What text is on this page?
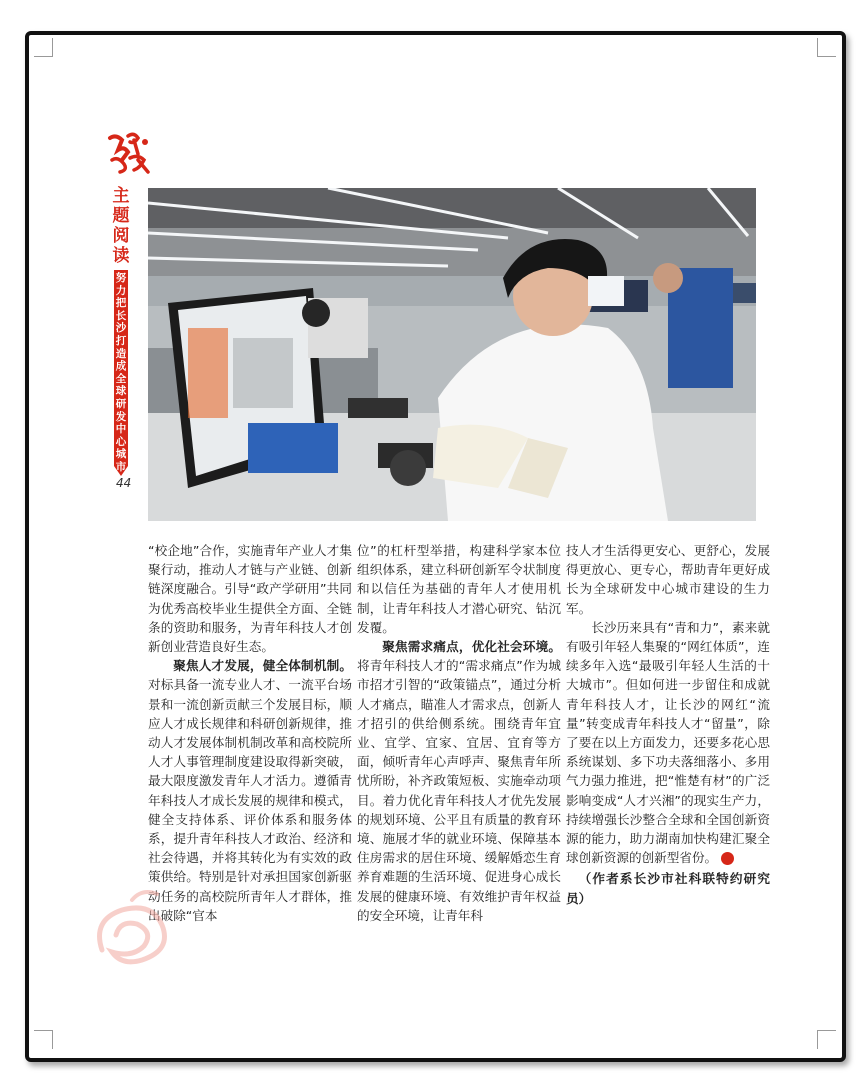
主题阅读
努力把长沙打造成全球研发中心城市
44

“校企地”合作，实施青年产业人才集聚行动，推动人才链与产业链、创新链深度融合。引导“政产学研用”共同为优秀高校毕业生提供全方面、全链条的资助和服务，为青年科技人才创新创业营造良好生态。

聚焦人才发展，健全体制机制。对标具备一流专业人才、一流平台场景和一流创新贡献三个发展目标，顺应人才成长规律和科研创新规律，推动人才发展体制机制改革和高校院所人才人事管理制度建设取得新突破，最大限度激发青年人才活力。遵循青年科技人才成长发展的规律和模式，健全支持体系、评价体系和服务体系，提升青年科技人才政治、经济和社会待遇，并将其转化为有实效的政策供给。特别是针对承担国家创新驱动任务的高校院所青年人才群体，推出破除“官本

位”的杠杆型举措，构建科学家本位组织体系，建立科研创新军令状制度和以信任为基础的青年人才使用机制，让青年科技人才潜心研究、钻沉发覆。

聚焦需求痛点，优化社会环境。将青年科技人才的“需求痛点”作为城市招才引智的“政策锚点”，通过分析人才痛点，瞄准人才需求点，创新人才招引的供给侧系统。围绕青年宜业、宜学、宜家、宜居、宜育等方面，倾听青年心声呼声、聚焦青年所忧所盼，补齐政策短板、实施牵动项目。着力优化青年科技人才优先发展的规划环境、公平且有质量的教育环境、施展才华的就业环境、保障基本住房需求的居住环境、缓解婚恋生育养育难题的生活环境、促进身心成长发展的健康环境、有效维护青年权益的安全环境，让青年科

技人才生活得更安心、更舒心，发展得更放心、更专心，帮助青年更好成长为全球研发中心城市建设的生力军。

长沙历来具有“青和力”，素来就有吸引年轻人集聚的“网红体质”，连续多年入选“最吸引年轻人生活的十大城市”。但如何进一步留住和成就青年科技人才，让长沙的网红“流量”转变成青年科技人才“留量”，除了要在以上方面发力，还要多花心思系统谋划、多下功夫落细落小、多用气力强力推进，把“惟楚有材”的广泛影响变成“人才兴湘”的现实生产力，持续增强长沙整合全球和全国创新资源的能力，助力湖南加快构建汇聚全球创新资源的创新型省份。	红

（作者系长沙市社科联特约研究员）
